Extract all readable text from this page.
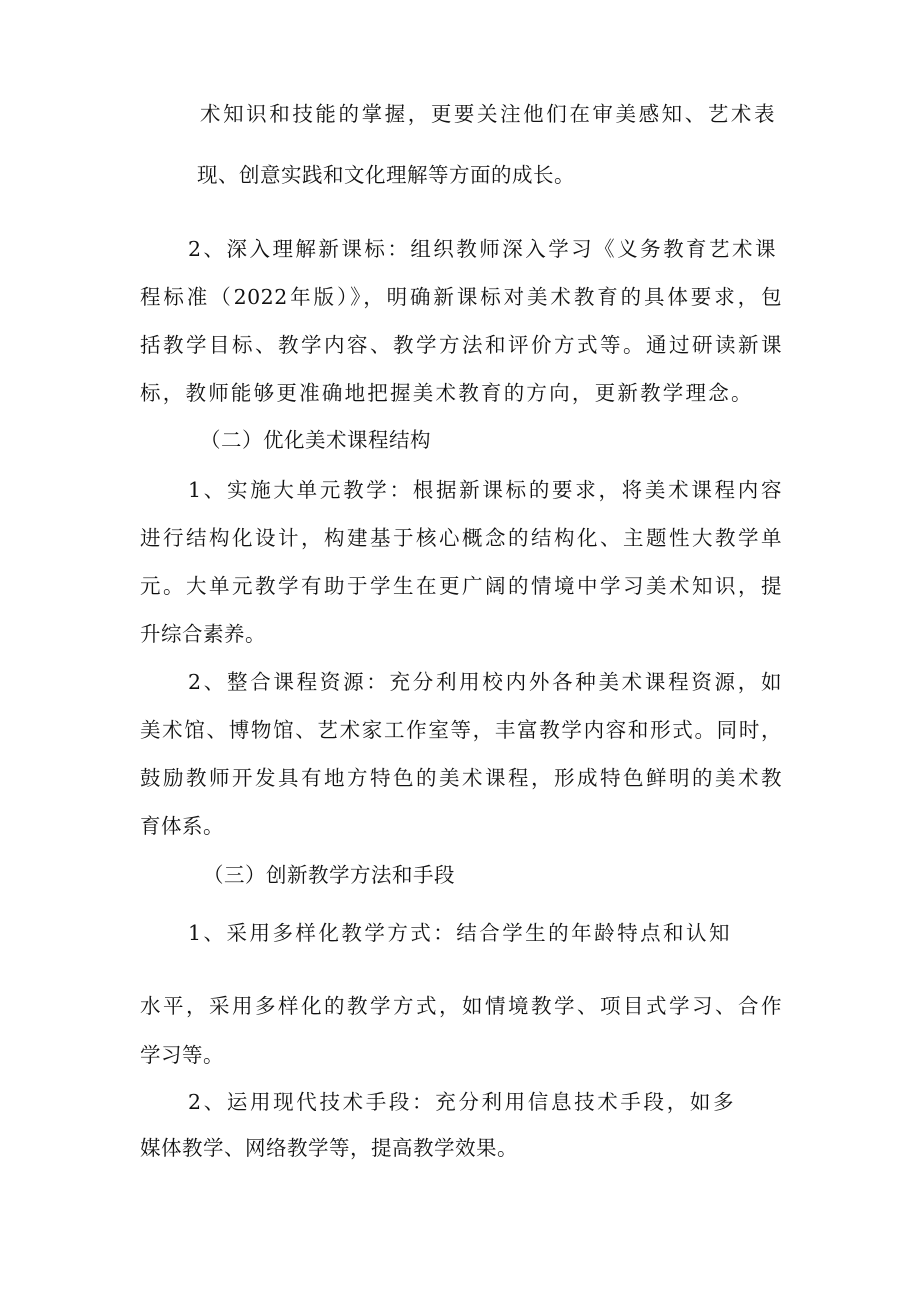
术知识和技能的掌握，更要关注他们在审美感知、艺术表
现、创意实践和文化理解等方面的成长。
2、深入理解新课标：组织教师深入学习《义务教育艺术课
程标准（2022年版）》，明确新课标对美术教育的具体要求，包
括教学目标、教学内容、教学方法和评价方式等。通过研读新课
标，教师能够更准确地把握美术教育的方向，更新教学理念。
（二）优化美术课程结构
1、实施大单元教学：根据新课标的要求，将美术课程内容
进行结构化设计，构建基于核心概念的结构化、主题性大教学单
元。大单元教学有助于学生在更广阔的情境中学习美术知识，提
升综合素养。
2、整合课程资源：充分利用校内外各种美术课程资源，如
美术馆、博物馆、艺术家工作室等，丰富教学内容和形式。同时，
鼓励教师开发具有地方特色的美术课程，形成特色鲜明的美术教
育体系。
（三）创新教学方法和手段
1、采用多样化教学方式：结合学生的年龄特点和认知
水平，采用多样化的教学方式，如情境教学、项目式学习、合作
学习等。
2、运用现代技术手段：充分利用信息技术手段，如多
媒体教学、网络教学等，提高教学效果。
